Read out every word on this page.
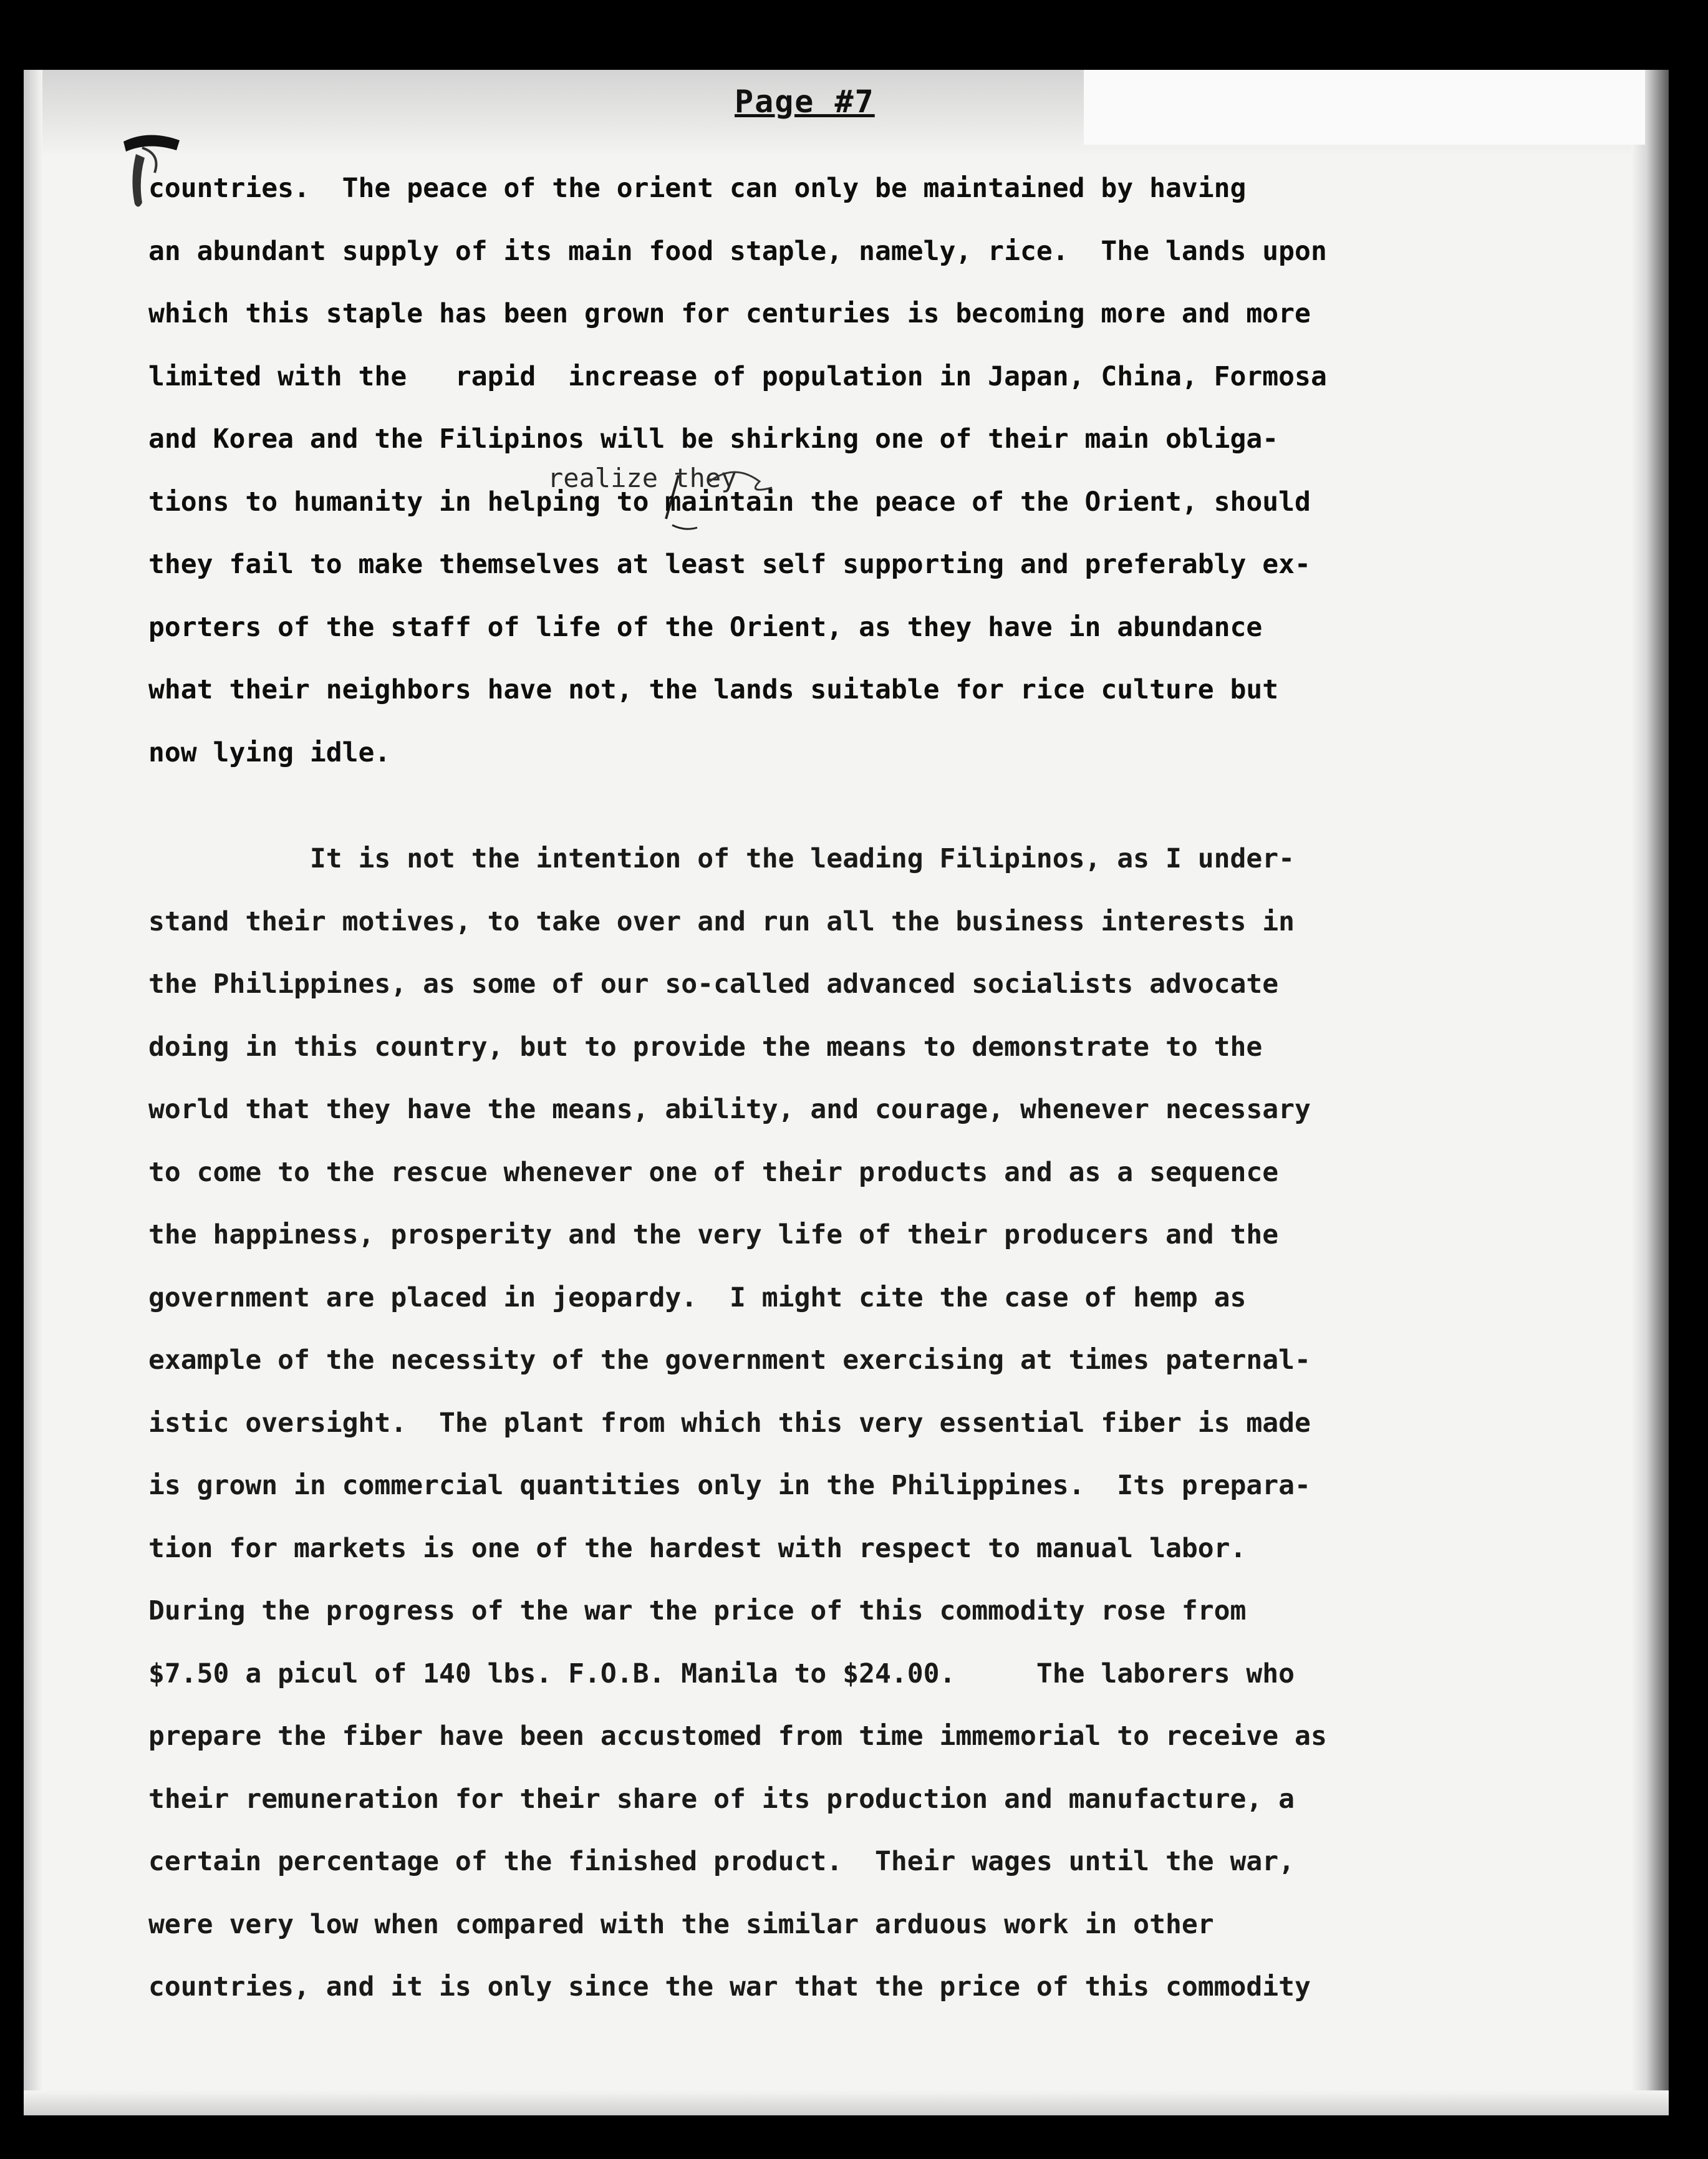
Page #7
realize they
countries.  The peace of the orient can only be maintained by having
an abundant supply of its main food staple, namely, rice.  The lands upon
which this staple has been grown for centuries is becoming more and more
limited with the   rapid  increase of population in Japan, China, Formosa
and Korea and the Filipinos will be shirking one of their main obliga-
tions to humanity in helping to maintain the peace of the Orient, should
they fail to make themselves at least self supporting and preferably ex-
porters of the staff of life of the Orient, as they have in abundance
what their neighbors have not, the lands suitable for rice culture but
now lying idle.
It is not the intention of the leading Filipinos, as I under-
stand their motives, to take over and run all the business interests in
the Philippines, as some of our so-called advanced socialists advocate
doing in this country, but to provide the means to demonstrate to the
world that they have the means, ability, and courage, whenever necessary
to come to the rescue whenever one of their products and as a sequence
the happiness, prosperity and the very life of their producers and the
government are placed in jeopardy.  I might cite the case of hemp as
example of the necessity of the government exercising at times paternal-
istic oversight.  The plant from which this very essential fiber is made
is grown in commercial quantities only in the Philippines.  Its prepara-
tion for markets is one of the hardest with respect to manual labor.
During the progress of the war the price of this commodity rose from
$7.50 a picul of 140 lbs. F.O.B. Manila to $24.00.     The laborers who
prepare the fiber have been accustomed from time immemorial to receive as
their remuneration for their share of its production and manufacture, a
certain percentage of the finished product.  Their wages until the war,
were very low when compared with the similar arduous work in other
countries, and it is only since the war that the price of this commodity
